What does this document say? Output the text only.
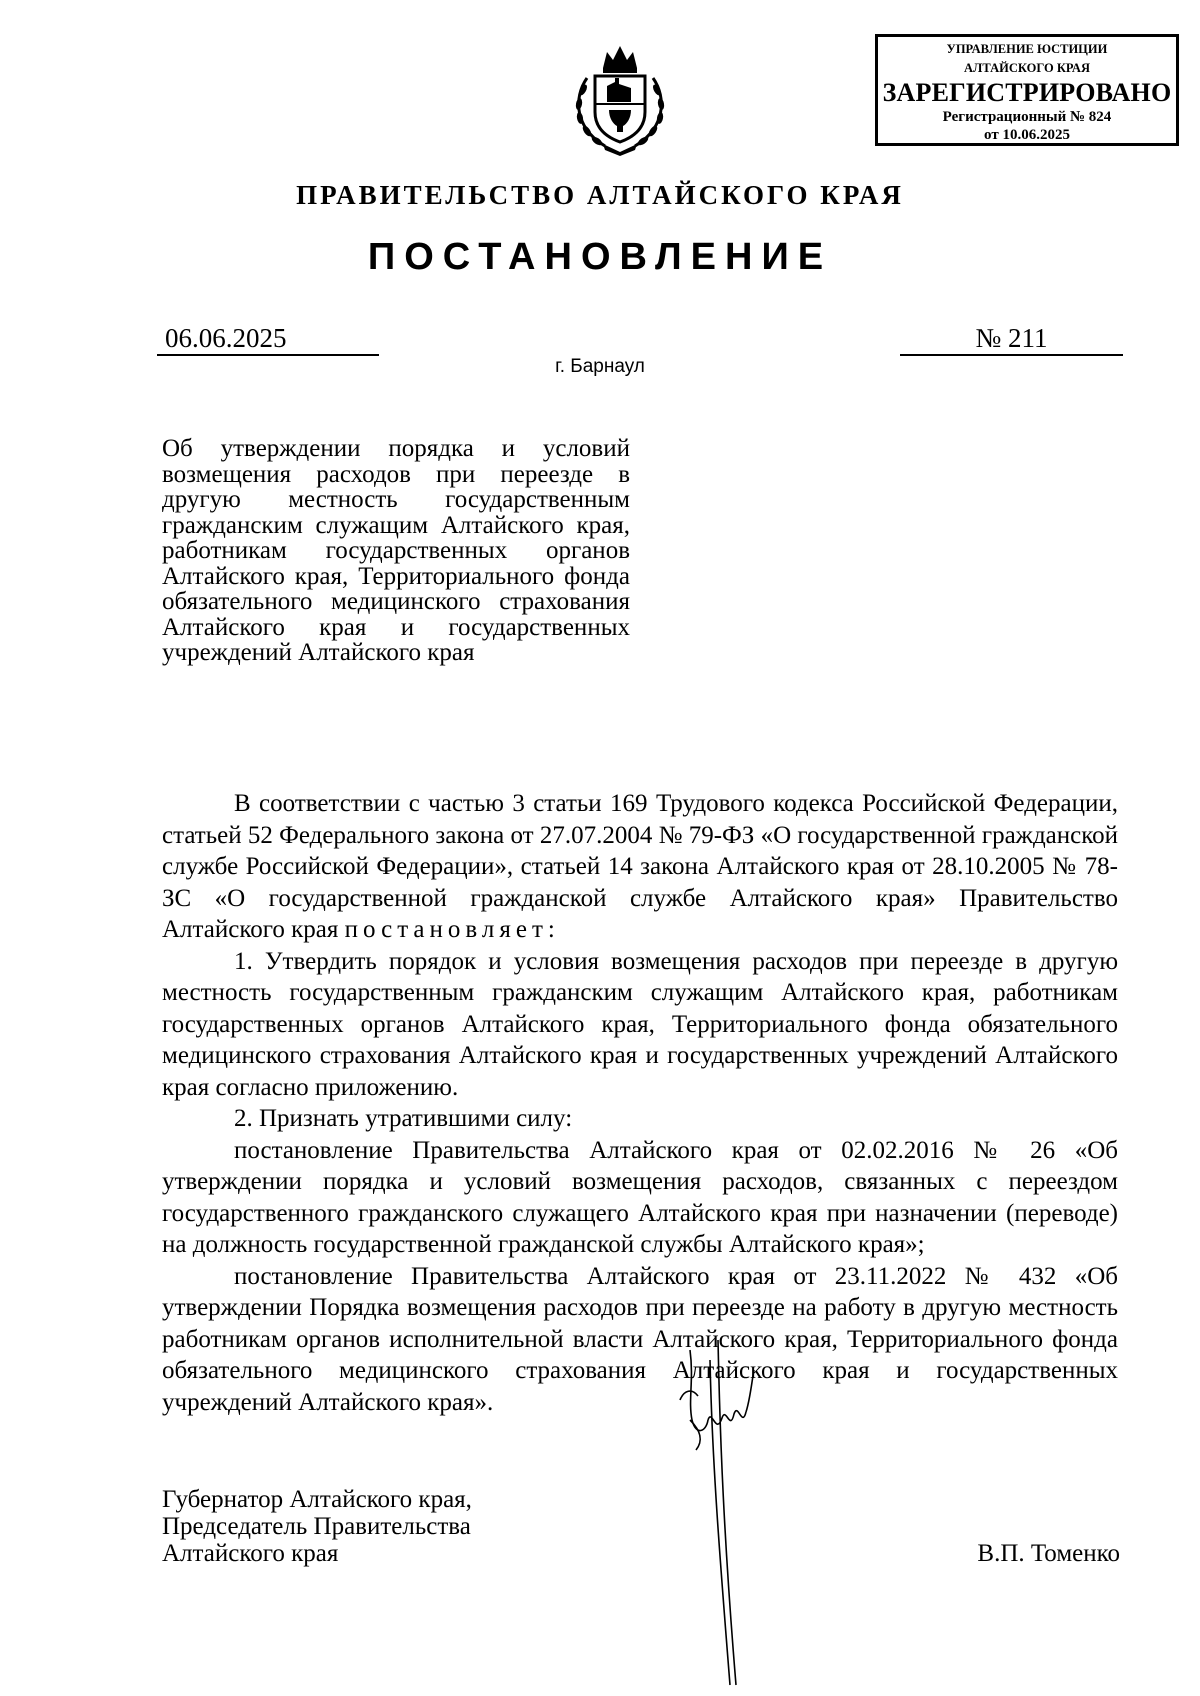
УПРАВЛЕНИЕ ЮСТИЦИИ
АЛТАЙСКОГО КРАЯ
ЗАРЕГИСТРИРОВАНО
Регистрационный № 824
от 10.06.2025
ПРАВИТЕЛЬСТВО АЛТАЙСКОГО КРАЯ
ПОСТАНОВЛЕНИЕ
06.06.2025	№ 211
г. Барнаул
Об утверждении порядка и условий возмещения расходов при переезде в другую местность государственным гражданским служащим Алтайского края, работникам государственных органов Алтайского края, Территориального фонда обязательного медицинского страхования Алтайского края и государственных учреждений Алтайского края

В соответствии с частью 3 статьи 169 Трудового кодекса Российской Федерации, статьей 52 Федерального закона от 27.07.2004 № 79-ФЗ «О государственной гражданской службе Российской Федерации», статьей 14 закона Алтайского края от 28.10.2005 № 78-ЗС «О государственной гражданской службе Алтайского края» Правительство Алтайского края постановляет:

1. Утвердить порядок и условия возмещения расходов при переезде в другую местность государственным гражданским служащим Алтайского края, работникам государственных органов Алтайского края, Территориального фонда обязательного медицинского страхования Алтайского края и государственных учреждений Алтайского края согласно приложению.

2. Признать утратившими силу:

постановление Правительства Алтайского края от 02.02.2016 № 26 «Об утверждении порядка и условий возмещения расходов, связанных с переездом государственного гражданского служащего Алтайского края при назначении (переводе) на должность государственной гражданской службы Алтайского края»;

постановление Правительства Алтайского края от 23.11.2022 № 432 «Об утверждении Порядка возмещения расходов при переезде на работу в другую местность работникам органов исполнительной власти Алтайского края, Территориального фонда обязательного медицинского страхования Алтайского края и государственных учреждений Алтайского края».

Губернатор Алтайского края,
Председатель Правительства
Алтайского края	В.П. Томенко
